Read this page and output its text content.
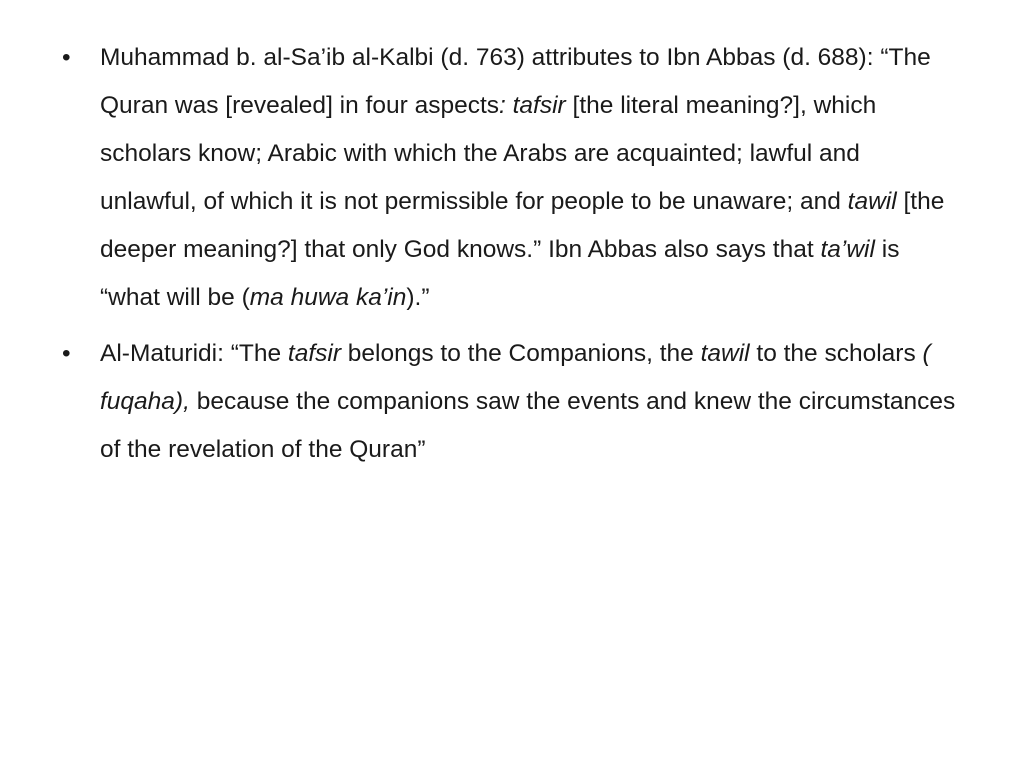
•	Muhammad b. al-Sa’ib al-Kalbi (d. 763) attributes to Ibn Abbas (d. 688): “The Quran was [revealed] in four aspects: tafsir [the literal meaning?], which scholars know; Arabic with which the Arabs are acquainted; lawful and unlawful, of which it is not permissible for people to be unaware; and tawil [the deeper meaning?] that only God knows.” Ibn Abbas also says that ta’wil is “what will be (ma huwa ka’in).”
•	Al-Maturidi: “The tafsir belongs to the Companions, the tawil to the scholars ( fuqaha), because the companions saw the events and knew the circumstances of the revelation of the Quran”
